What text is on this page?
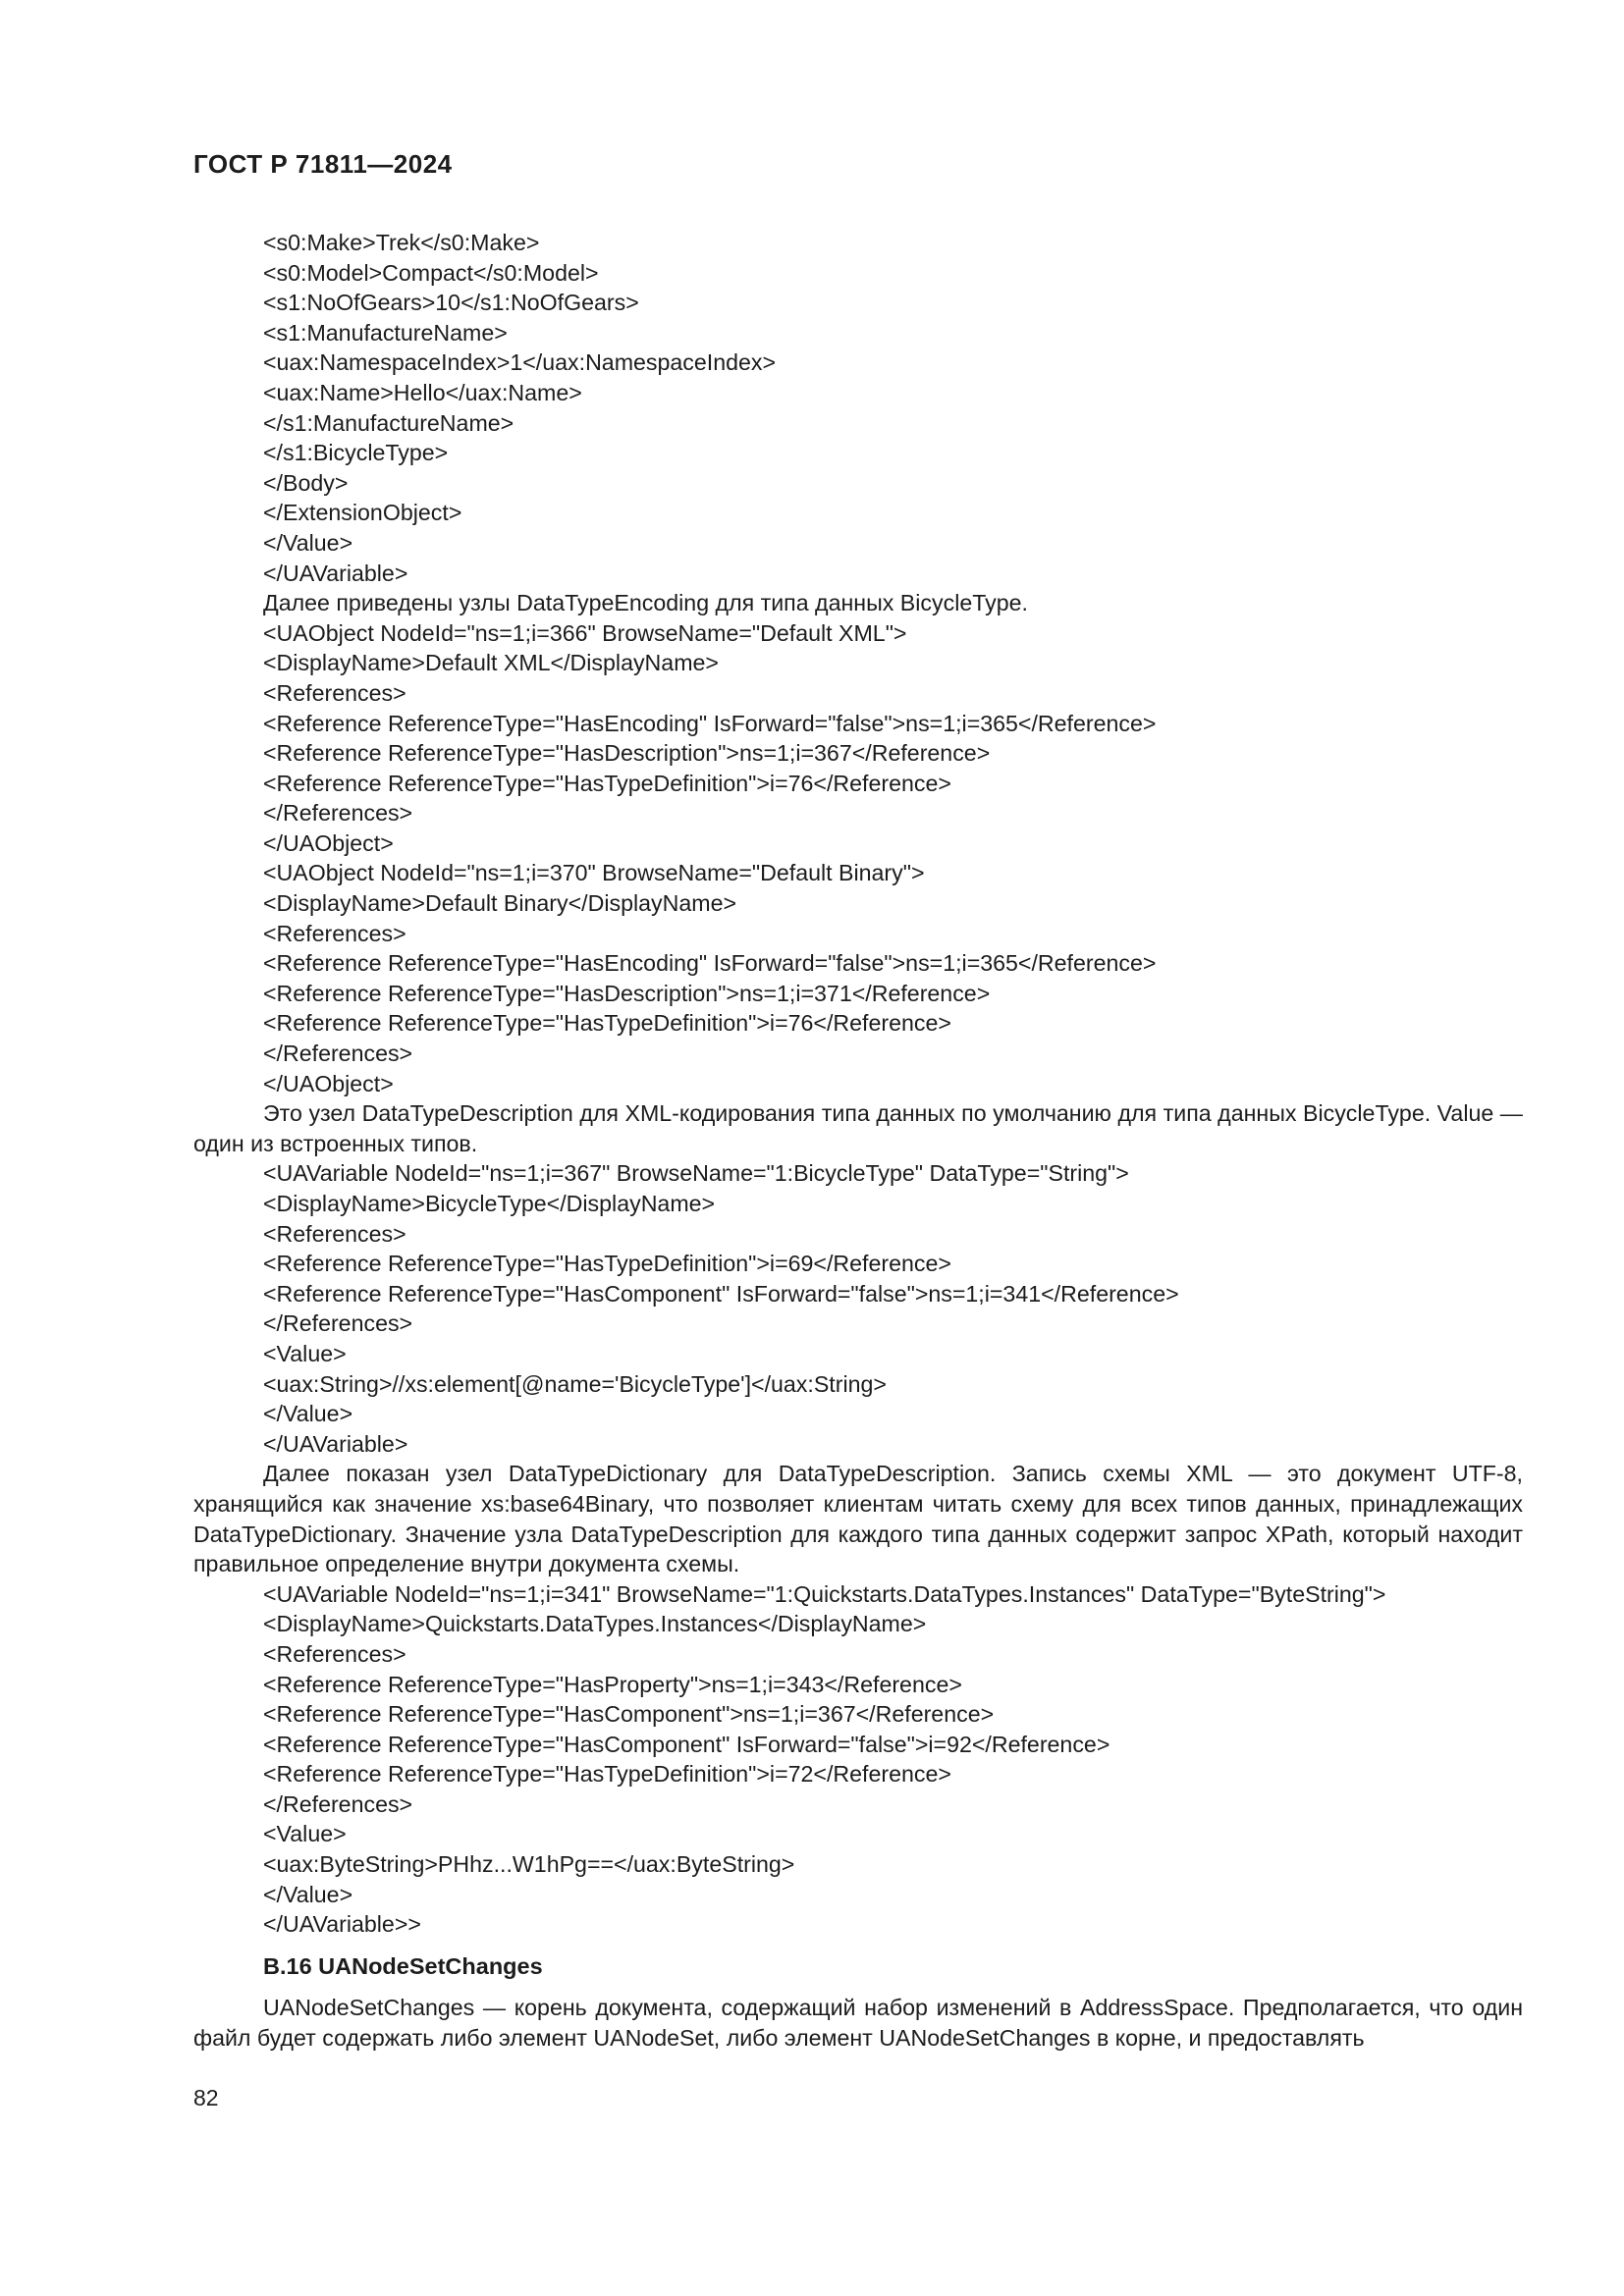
ГОСТ Р 71811—2024
<s0:Make>Trek</s0:Make>
<s0:Model>Compact</s0:Model>
<s1:NoOfGears>10</s1:NoOfGears>
<s1:ManufactureName>
<uax:NamespaceIndex>1</uax:NamespaceIndex>
<uax:Name>Hello</uax:Name>
</s1:ManufactureName>
</s1:BicycleType>
</Body>
</ExtensionObject>
</Value>
</UAVariable>
Далее приведены узлы DataTypeEncoding для типа данных BicycleType.
<UAObject NodeId="ns=1;i=366" BrowseName="Default XML">
<DisplayName>Default XML</DisplayName>
<References>
<Reference ReferenceType="HasEncoding" IsForward="false">ns=1;i=365</Reference>
<Reference ReferenceType="HasDescription">ns=1;i=367</Reference>
<Reference ReferenceType="HasTypeDefinition">i=76</Reference>
</References>
</UAObject>
<UAObject NodeId="ns=1;i=370" BrowseName="Default Binary">
<DisplayName>Default Binary</DisplayName>
<References>
<Reference ReferenceType="HasEncoding" IsForward="false">ns=1;i=365</Reference>
<Reference ReferenceType="HasDescription">ns=1;i=371</Reference>
<Reference ReferenceType="HasTypeDefinition">i=76</Reference>
</References>
</UAObject>
Это узел DataTypeDescription для XML-кодирования типа данных по умолчанию для типа данных BicycleType. Value — один из встроенных типов.
<UAVariable NodeId="ns=1;i=367" BrowseName="1:BicycleType" DataType="String">
<DisplayName>BicycleType</DisplayName>
<References>
<Reference ReferenceType="HasTypeDefinition">i=69</Reference>
<Reference ReferenceType="HasComponent" IsForward="false">ns=1;i=341</Reference>
</References>
<Value>
<uax:String>//xs:element[@name='BicycleType']</uax:String>
</Value>
</UAVariable>
Далее показан узел DataTypeDictionary для DataTypeDescription. Запись схемы XML — это документ UTF-8, хранящийся как значение xs:base64Binary, что позволяет клиентам читать схему для всех типов данных, принадлежащих DataTypeDictionary. Значение узла DataTypeDescription для каждого типа данных содержит запрос XPath, который находит правильное определение внутри документа схемы.
<UAVariable NodeId="ns=1;i=341" BrowseName="1:Quickstarts.DataTypes.Instances" DataType="ByteString">
<DisplayName>Quickstarts.DataTypes.Instances</DisplayName>
<References>
<Reference ReferenceType="HasProperty">ns=1;i=343</Reference>
<Reference ReferenceType="HasComponent">ns=1;i=367</Reference>
<Reference ReferenceType="HasComponent" IsForward="false">i=92</Reference>
<Reference ReferenceType="HasTypeDefinition">i=72</Reference>
</References>
<Value>
<uax:ByteString>PHhz...W1hPg==</uax:ByteString>
</Value>
</UAVariable>>
B.16 UANodeSetChanges
UANodeSetChanges — корень документа, содержащий набор изменений в AddressSpace. Предполагается, что один файл будет содержать либо элемент UANodeSet, либо элемент UANodeSetChanges в корне, и предоставлять
82
